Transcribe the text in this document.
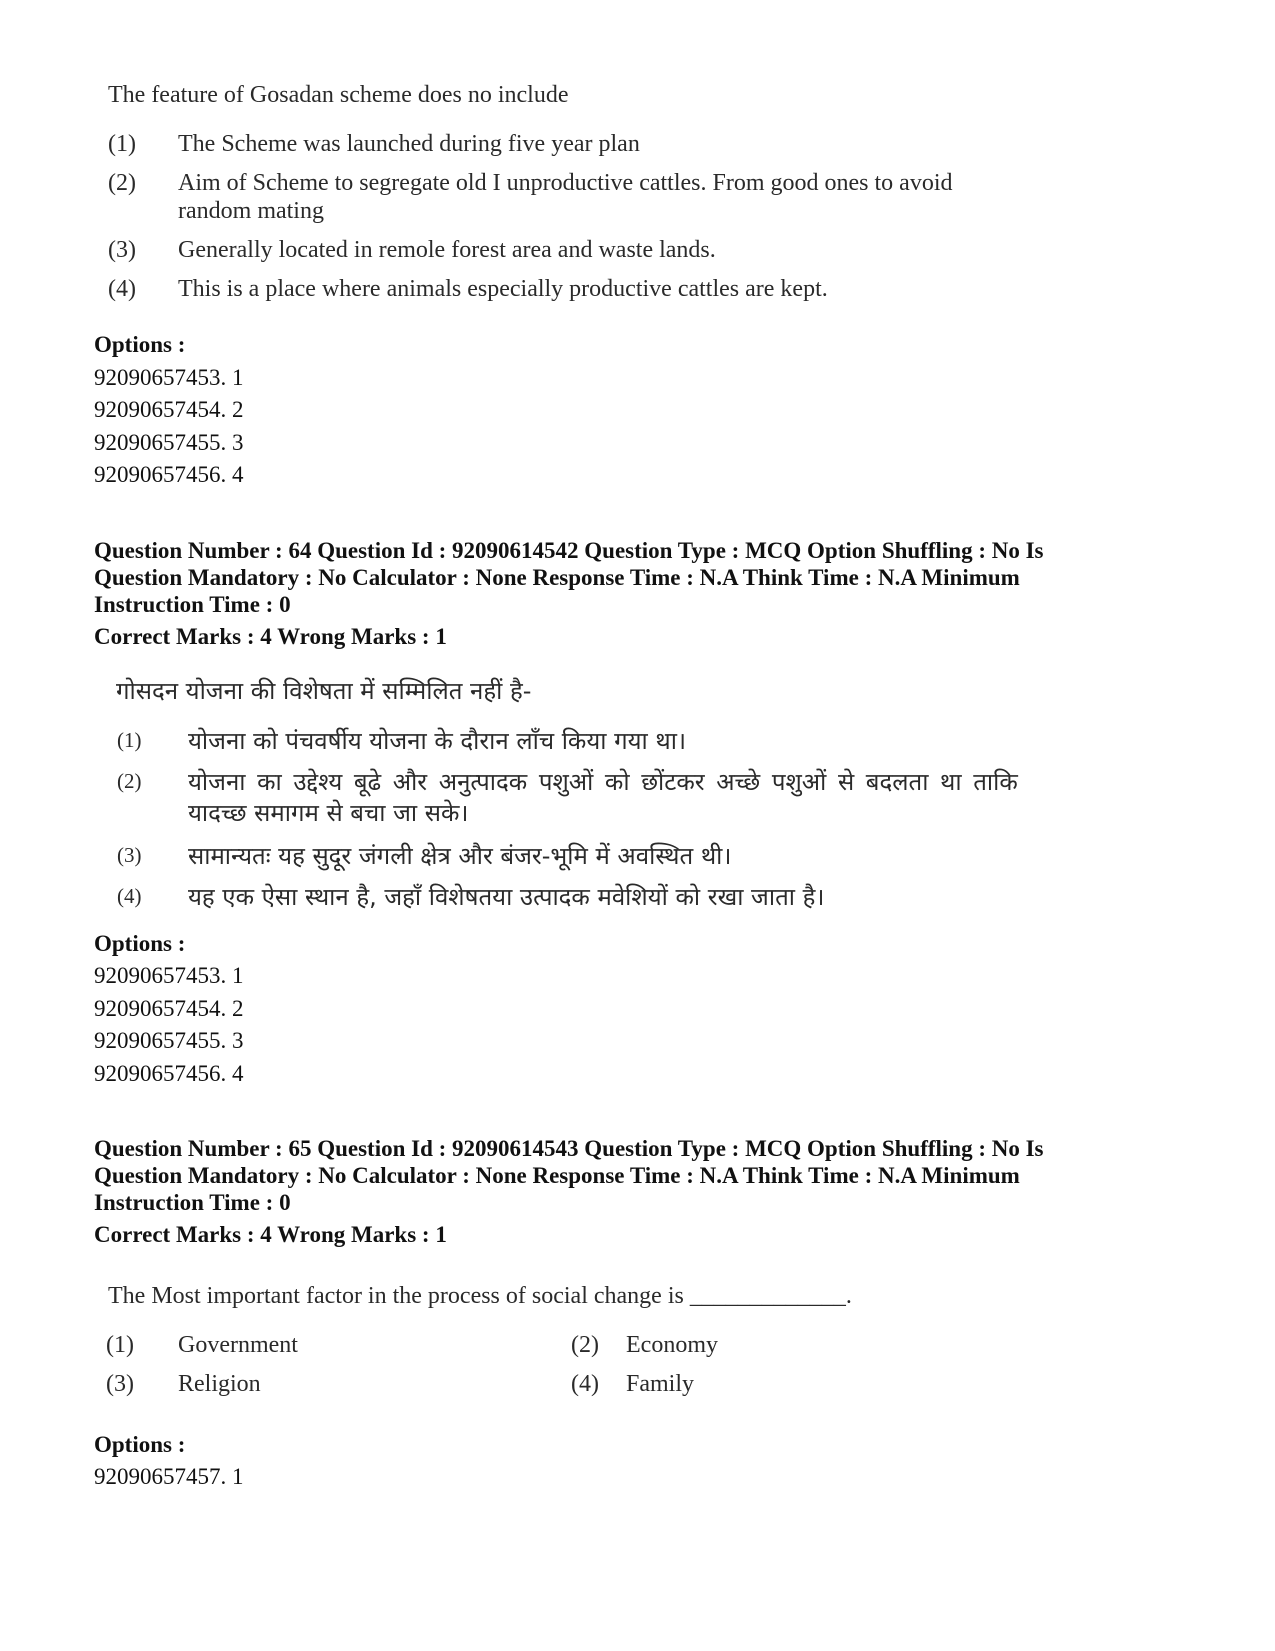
The feature of Gosadan scheme does no include
(1) The Scheme was launched during five year plan
(2) Aim of Scheme to segregate old I unproductive cattles. From good ones to avoid
random mating
(3) Generally located in remole forest area and waste lands.
(4) This is a place where animals especially productive cattles are kept.
Options :
92090657453. 1
92090657454. 2
92090657455. 3
92090657456. 4
Question Number : 64 Question Id : 92090614542 Question Type : MCQ Option Shuffling : No Is
Question Mandatory : No Calculator : None Response Time : N.A Think Time : N.A Minimum
Instruction Time : 0
Correct Marks : 4 Wrong Marks : 1
गोसदन योजना की विशेषता में सम्मिलित नहीं है-
(1) योजना को पंचवर्षीय योजना के दौरान लाँच किया गया था।
(2) योजना का उद्देश्य बूढे और अनुत्पादक पशुओं को छोंटकर अच्छे पशुओं से बदलता था ताकि
यादच्छ समागम से बचा जा सके।
(3) सामान्यतः यह सुदूर जंगली क्षेत्र और बंजर-भूमि में अवस्थित थी।
(4) यह एक ऐसा स्थान है, जहाँ विशेषतया उत्पादक मवेशियों को रखा जाता है।
Options :
92090657453. 1
92090657454. 2
92090657455. 3
92090657456. 4
Question Number : 65 Question Id : 92090614543 Question Type : MCQ Option Shuffling : No Is
Question Mandatory : No Calculator : None Response Time : N.A Think Time : N.A Minimum
Instruction Time : 0
Correct Marks : 4 Wrong Marks : 1
The Most important factor in the process of social change is _____________.
(1) Government	(2) Economy
(3) Religion	(4) Family
Options :
92090657457. 1
